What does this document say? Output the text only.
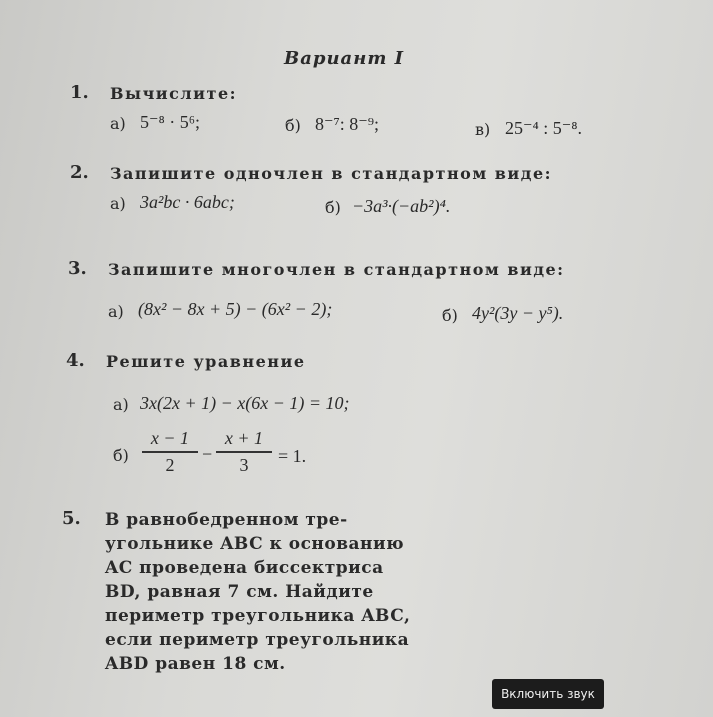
Вариант I
1. Вычислите:
а) 5⁻⁸ · 5⁶;	б) 8⁻⁷: 8⁻⁹;	в) 25⁻⁴ : 5⁻⁸.
2. Запишите одночлен в стандартном виде:
а) 3a²bc · 6abc;	б) −3a³·(−ab²)⁴.
3. Запишите многочлен в стандартном виде:
а) (8x² − 8x + 5) − (6x² − 2);	б) 4y²(3y − y⁵).
4. Решите уравнение
а) 3x(2x + 1) − x(6x − 1) = 10;
б)
x − 1
2
−
x + 1
3	= 1.
5. В равнобедренном тре-
угольнике ABC к основанию
AC проведена биссектриса
BD, равная 7 см. Найдите
периметр треугольника ABC,
если периметр треугольника
ABD равен 18 см.
Включить звук
